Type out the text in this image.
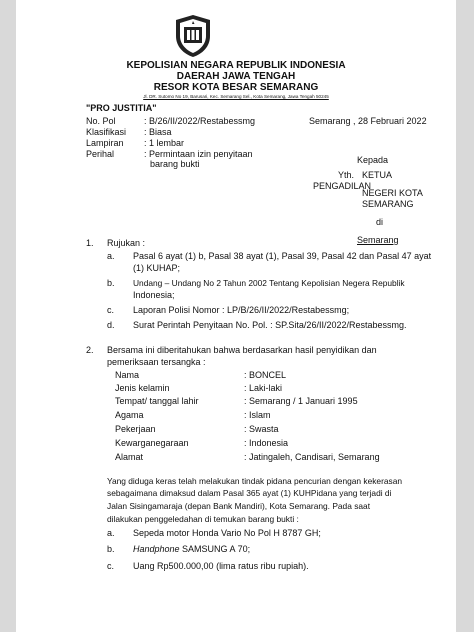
KEPOLISIAN NEGARA REPUBLIK INDONESIA
DAERAH JAWA TENGAH
RESOR KOTA BESAR SEMARANG
Jl. DR. Sutomo No 19, Barusari, Kec. Semarang Sel., Kota Semarang, Jawa Tengah 50245
"PRO JUSTITIA"
No. Pol	: B/26/II/2022/Restabessmg
Klasifikasi : Biasa
Lampiran : 1 lembar
Perihal	: Permintaan izin penyitaan
barang bukti
Semarang , 28 Februari 2022
Kepada
Yth. KETUA
PENGADILAN
NEGERI KOTA
SEMARANG
di
Semarang
1. Rujukan :
a. Pasal 6 ayat (1) b, Pasal 38 ayat (1), Pasal 39, Pasal 42 dan Pasal 47 ayat
(1) KUHAP;
b. Undang – Undang No 2 Tahun 2002 Tentang Kepolisian Negera Republik
Indonesia;
c. Laporan Polisi Nomor : LP/B/26/II/2022/Restabessmg;
d. Surat Perintah Penyitaan No. Pol. : SP.Sita/26/II/2022/Restabessmg.
2. Bersama ini diberitahukan bahwa berdasarkan hasil penyidikan dan
pemeriksaan tersangka :
Nama	: BONCEL
Jenis kelamin	: Laki-laki
Tempat/ tanggal lahir	: Semarang / 1 Januari 1995
Agama	: Islam
Pekerjaan	: Swasta
Kewarganegaraan	: Indonesia
Alamat	: Jatingaleh, Candisari, Semarang
Yang diduga keras telah melakukan tindak pidana pencurian dengan kekerasan
sebagaimana dimaksud dalam Pasal 365 ayat (1) KUHPidana yang terjadi di
Jalan Sisingamaraja (depan Bank Mandiri), Kota Semarang. Pada saat
dilakukan penggeledahan di temukan barang bukti :
a. Sepeda motor Honda Vario No Pol H 8787 GH;
b. Handphone SAMSUNG A 70;
c. Uang Rp500.000,00 (lima ratus ribu rupiah).
